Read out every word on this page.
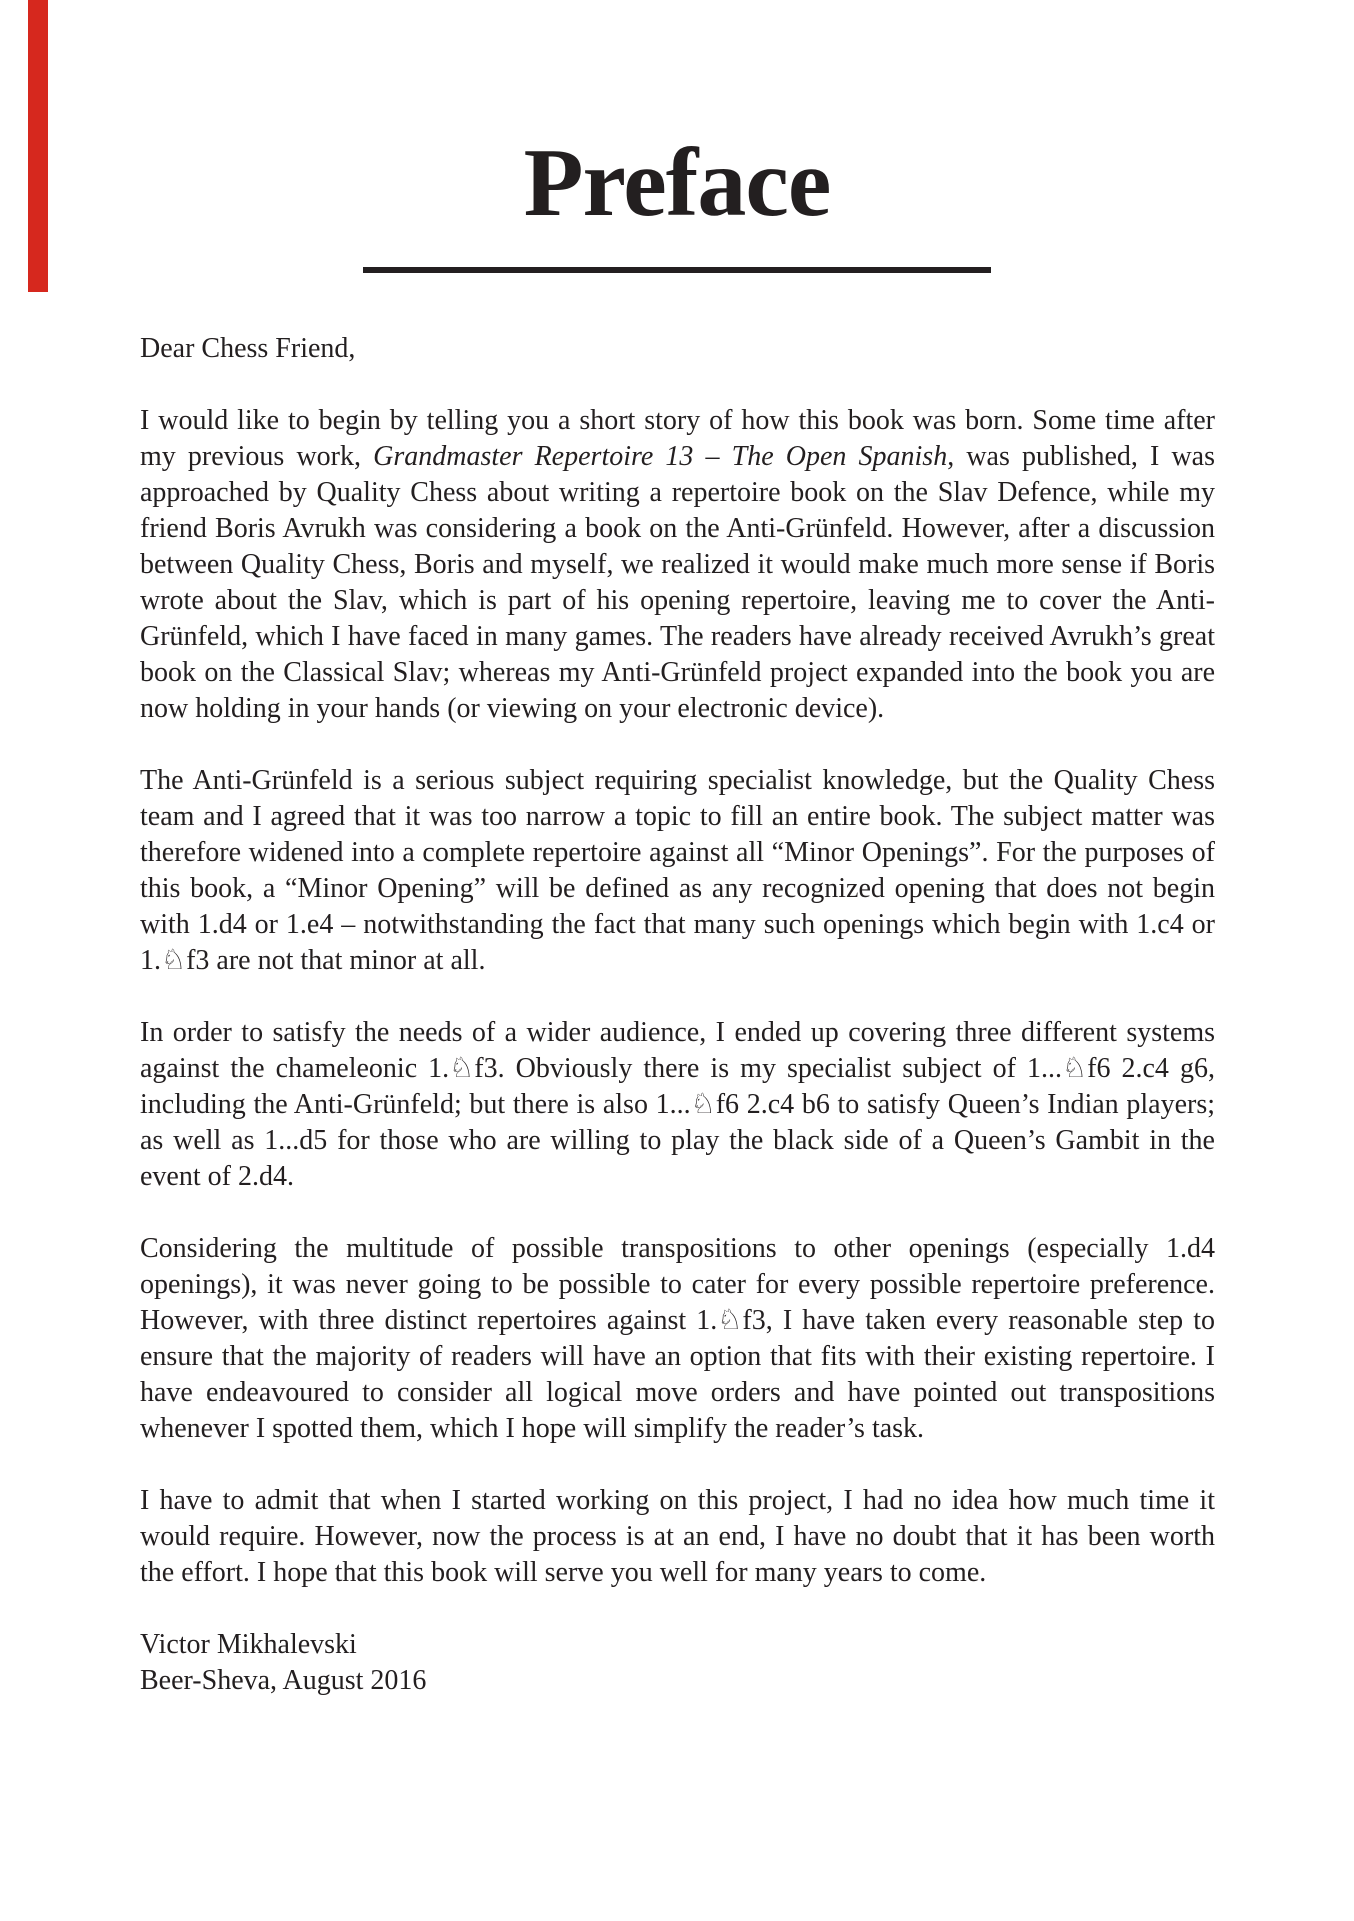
Preface

Dear Chess Friend,

I would like to begin by telling you a short story of how this book was born. Some time after my previous work, Grandmaster Repertoire 13 – The Open Spanish, was published, I was approached by Quality Chess about writing a repertoire book on the Slav Defence, while my friend Boris Avrukh was considering a book on the Anti-Grünfeld. However, after a discussion between Quality Chess, Boris and myself, we realized it would make much more sense if Boris wrote about the Slav, which is part of his opening repertoire, leaving me to cover the Anti-Grünfeld, which I have faced in many games. The readers have already received Avrukh’s great book on the Classical Slav; whereas my Anti-Grünfeld project expanded into the book you are now holding in your hands (or viewing on your electronic device).

The Anti-Grünfeld is a serious subject requiring specialist knowledge, but the Quality Chess team and I agreed that it was too narrow a topic to fill an entire book. The subject matter was therefore widened into a complete repertoire against all “Minor Openings”. For the purposes of this book, a “Minor Opening” will be defined as any recognized opening that does not begin with 1.d4 or 1.e4 – notwithstanding the fact that many such openings which begin with 1.c4 or 1.♘f3 are not that minor at all.

In order to satisfy the needs of a wider audience, I ended up covering three different systems against the chameleonic 1.♘f3. Obviously there is my specialist subject of 1...♘f6 2.c4 g6, including the Anti-Grünfeld; but there is also 1...♘f6 2.c4 b6 to satisfy Queen’s Indian players; as well as 1...d5 for those who are willing to play the black side of a Queen’s Gambit in the event of 2.d4.

Considering the multitude of possible transpositions to other openings (especially 1.d4 openings), it was never going to be possible to cater for every possible repertoire preference. However, with three distinct repertoires against 1.♘f3, I have taken every reasonable step to ensure that the majority of readers will have an option that fits with their existing repertoire. I have endeavoured to consider all logical move orders and have pointed out transpositions whenever I spotted them, which I hope will simplify the reader’s task.

I have to admit that when I started working on this project, I had no idea how much time it would require. However, now the process is at an end, I have no doubt that it has been worth the effort. I hope that this book will serve you well for many years to come.

Victor Mikhalevski
Beer-Sheva, August 2016
